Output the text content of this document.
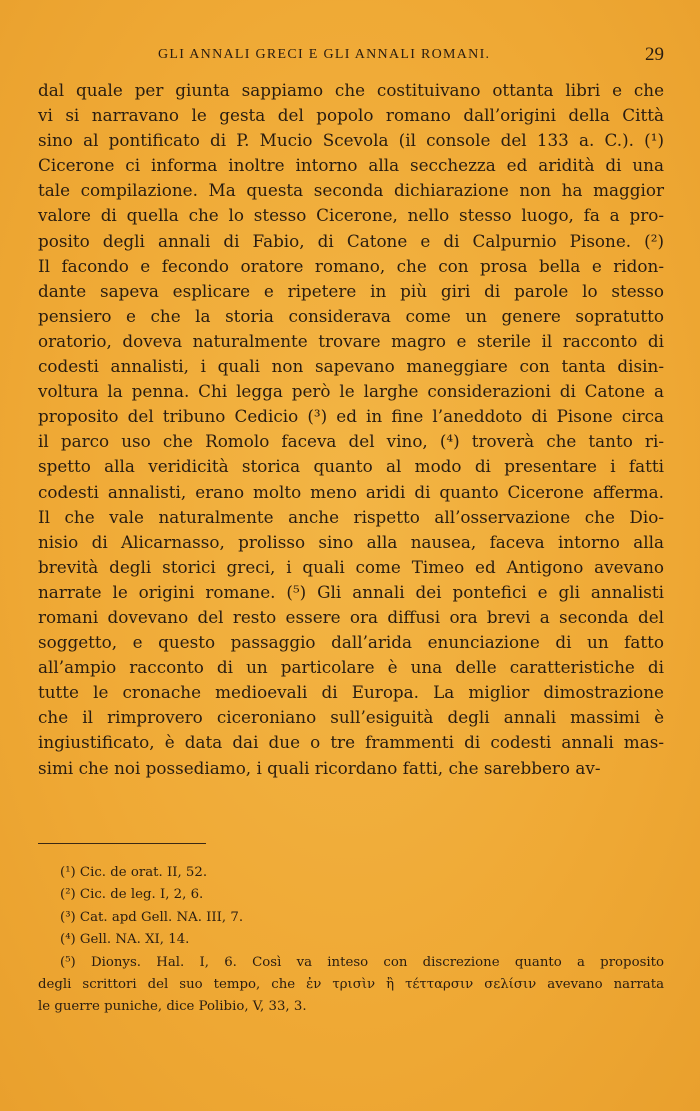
GLI ANNALI GRECI E GLI ANNALI ROMANI.	29
dal quale per giunta sappiamo che costituivano ottanta libri e che
vi si narravano le gesta del popolo romano dall’origini della Città
sino al pontificato di P. Mucio Scevola (il console del 133 a. C.). (¹)
Cicerone ci informa inoltre intorno alla secchezza ed aridità di una
tale compilazione. Ma questa seconda dichiarazione non ha maggior
valore di quella che lo stesso Cicerone, nello stesso luogo, fa a pro-
posito degli annali di Fabio, di Catone e di Calpurnio Pisone. (²)
Il facondo e fecondo oratore romano, che con prosa bella e ridon-
dante sapeva esplicare e ripetere in più giri di parole lo stesso
pensiero e che la storia considerava come un genere sopratutto
oratorio, doveva naturalmente trovare magro e sterile il racconto di
codesti annalisti, i quali non sapevano maneggiare con tanta disin-
voltura la penna. Chi legga però le larghe considerazioni di Catone a
proposito del tribuno Cedicio (³) ed in fine l’aneddoto di Pisone circa
il parco uso che Romolo faceva del vino, (⁴) troverà che tanto ri-
spetto alla veridicità storica quanto al modo di presentare i fatti
codesti annalisti, erano molto meno aridi di quanto Cicerone afferma.
Il che vale naturalmente anche rispetto all’osservazione che Dio-
nisio di Alicarnasso, prolisso sino alla nausea, faceva intorno alla
brevità degli storici greci, i quali come Timeo ed Antigono avevano
narrate le origini romane. (⁵) Gli annali dei pontefici e gli annalisti
romani dovevano del resto essere ora diffusi ora brevi a seconda del
soggetto, e questo passaggio dall’arida enunciazione di un fatto
all’ampio racconto di un particolare è una delle caratteristiche di
tutte le cronache medioevali di Europa. La miglior dimostrazione
che il rimprovero ciceroniano sull’esiguità degli annali massimi è
ingiustificato, è data dai due o tre frammenti di codesti annali mas-
simi che noi possediamo, i quali ricordano fatti, che sarebbero av-
(¹) Cic. de orat. II, 52.
(²) Cic. de leg. I, 2, 6.
(³) Cat. apd Gell. NA. III, 7.
(⁴) Gell. NA. XI, 14.
(⁵) Dionys. Hal. I, 6. Così va inteso con discrezione quanto a proposito
degli scrittori del suo tempo, che ἐν τρισὶν ἢ τέτταρσιν σελίσιν avevano narrata
le guerre puniche, dice Polibio, V, 33, 3.
